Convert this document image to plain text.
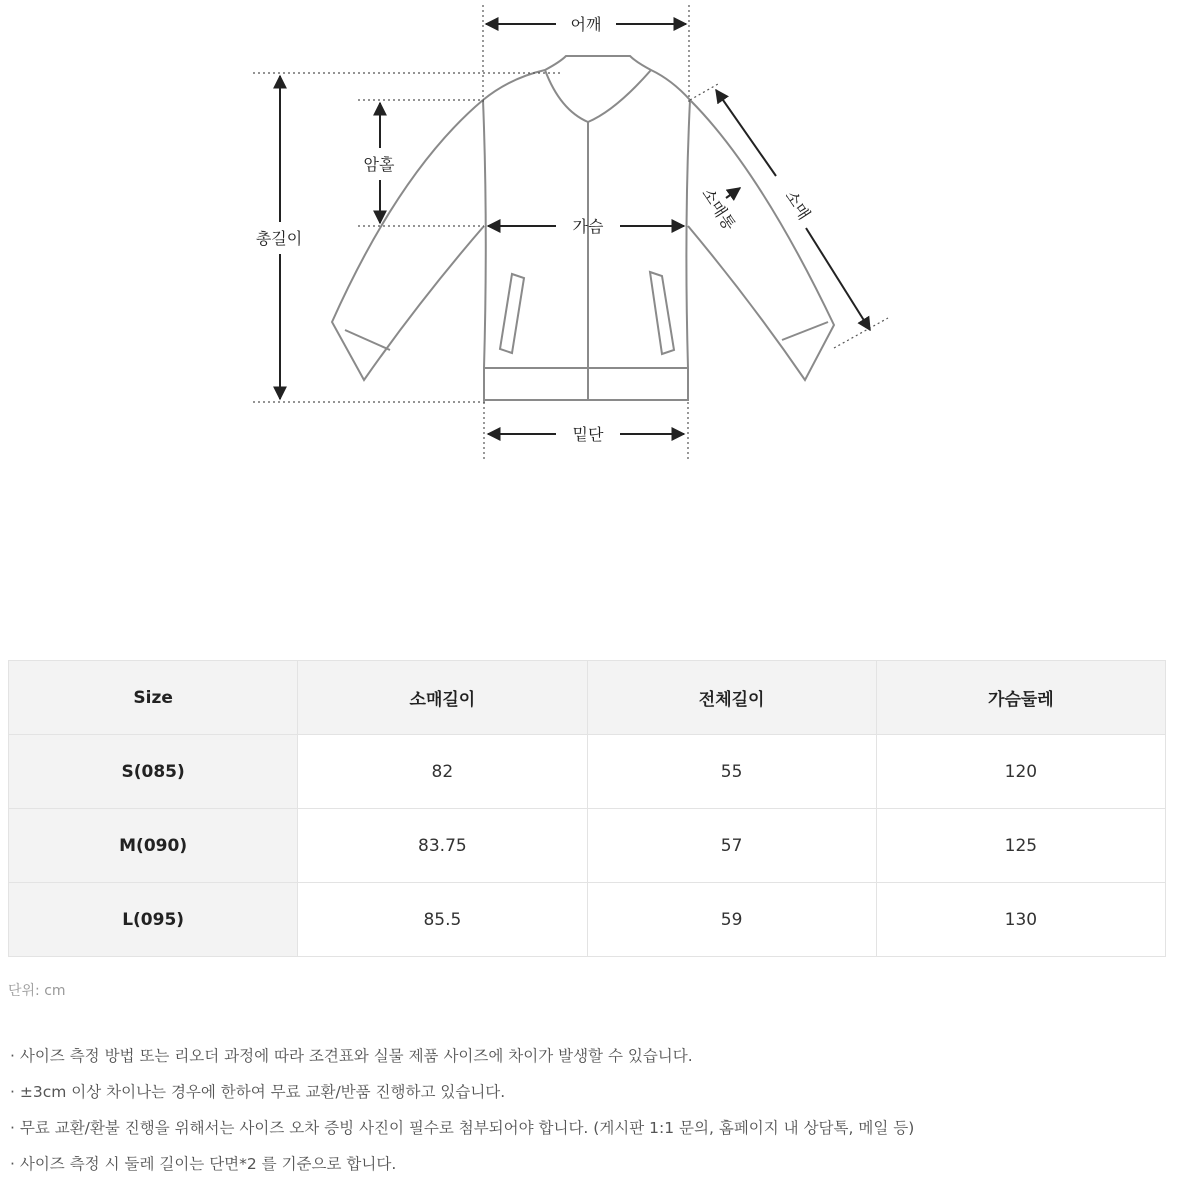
어깨
총길이
암홀
가슴
밑단
소매
소매통
Size	소매길이	전체길이	가슴둘레
S(085)	82	55	120
M(090)	83.75	57	125
L(095)	85.5	59	130
단위: cm
· 사이즈 측정 방법 또는 리오더 과정에 따라 조견표와 실물 제품 사이즈에 차이가 발생할 수 있습니다.
· ±3cm 이상 차이나는 경우에 한하여 무료 교환/반품 진행하고 있습니다.
· 무료 교환/환불 진행을 위해서는 사이즈 오차 증빙 사진이 필수로 첨부되어야 합니다. (게시판 1:1 문의, 홈페이지 내 상담톡, 메일 등)
· 사이즈 측정 시 둘레 길이는 단면*2 를 기준으로 합니다.
